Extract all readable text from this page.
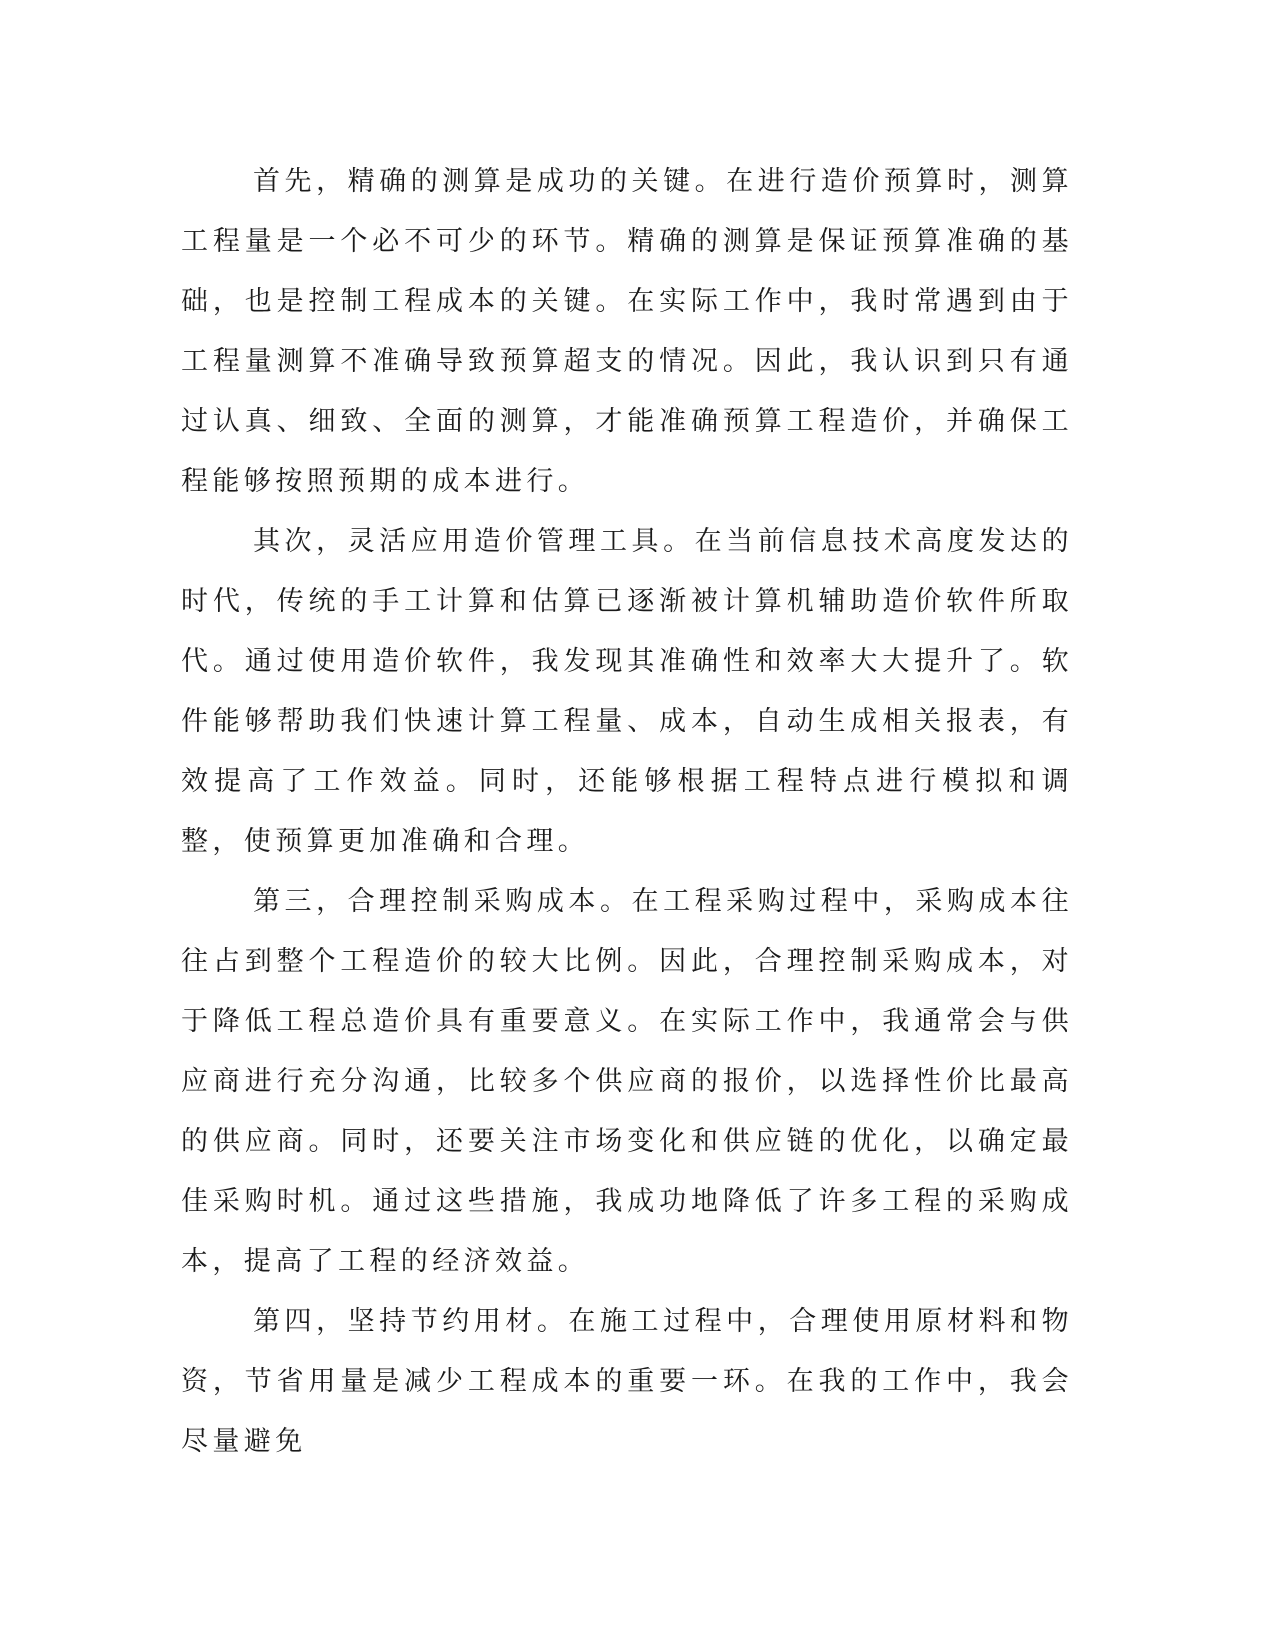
首先，精确的测算是成功的关键。在进行造价预算时，测算工程量是一个必不可少的环节。精确的测算是保证预算准确的基础，也是控制工程成本的关键。在实际工作中，我时常遇到由于工程量测算不准确导致预算超支的情况。因此，我认识到只有通过认真、细致、全面的测算，才能准确预算工程造价，并确保工程能够按照预期的成本进行。

其次，灵活应用造价管理工具。在当前信息技术高度发达的时代，传统的手工计算和估算已逐渐被计算机辅助造价软件所取代。通过使用造价软件，我发现其准确性和效率大大提升了。软件能够帮助我们快速计算工程量、成本，自动生成相关报表，有效提高了工作效益。同时，还能够根据工程特点进行模拟和调整，使预算更加准确和合理。

第三，合理控制采购成本。在工程采购过程中，采购成本往往占到整个工程造价的较大比例。因此，合理控制采购成本，对于降低工程总造价具有重要意义。在实际工作中，我通常会与供应商进行充分沟通，比较多个供应商的报价，以选择性价比最高的供应商。同时，还要关注市场变化和供应链的优化，以确定最佳采购时机。通过这些措施，我成功地降低了许多工程的采购成本，提高了工程的经济效益。

第四，坚持节约用材。在施工过程中，合理使用原材料和物资，节省用量是减少工程成本的重要一环。在我的工作中，我会尽量避免
